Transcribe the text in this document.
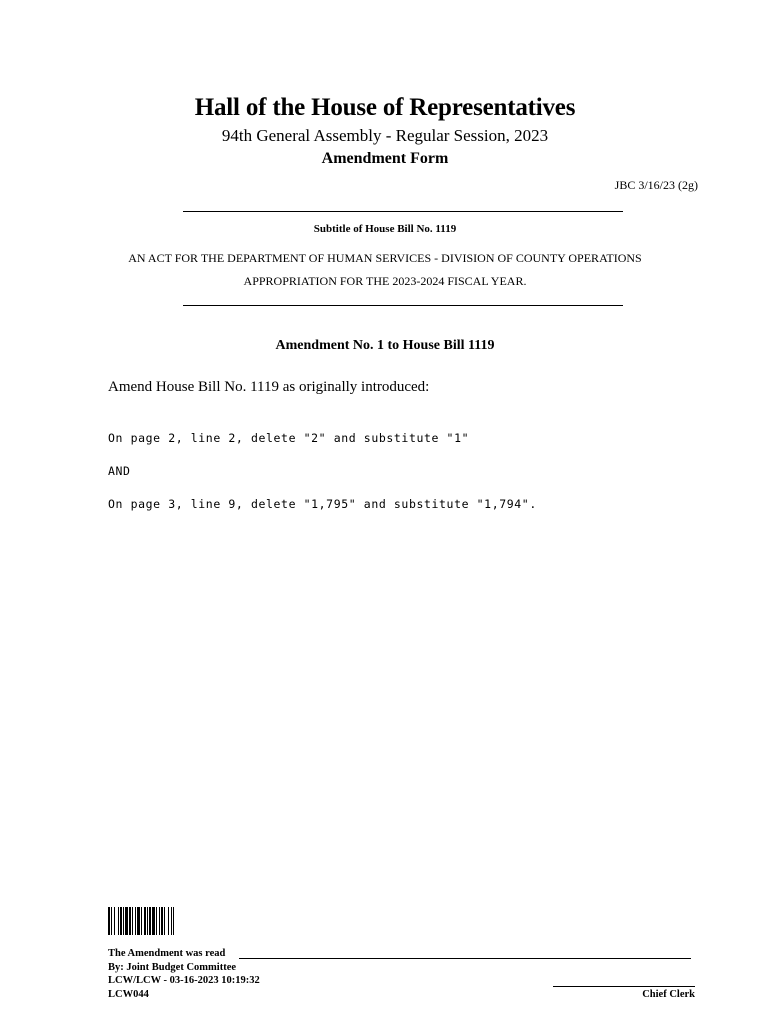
Hall of the House of Representatives
94th General Assembly - Regular Session, 2023
Amendment Form
JBC 3/16/23 (2g)
Subtitle of House Bill No. 1119
AN ACT FOR THE DEPARTMENT OF HUMAN SERVICES - DIVISION OF COUNTY OPERATIONS
APPROPRIATION FOR THE 2023-2024 FISCAL YEAR.
Amendment No. 1 to House Bill 1119
Amend House Bill No. 1119 as originally introduced:
On page 2, line 2, delete "2" and substitute "1"
AND
On page 3, line 9, delete "1,795" and substitute "1,794".
The Amendment was read
By: Joint Budget Committee
LCW/LCW - 03-16-2023 10:19:32
LCW044	Chief Clerk
